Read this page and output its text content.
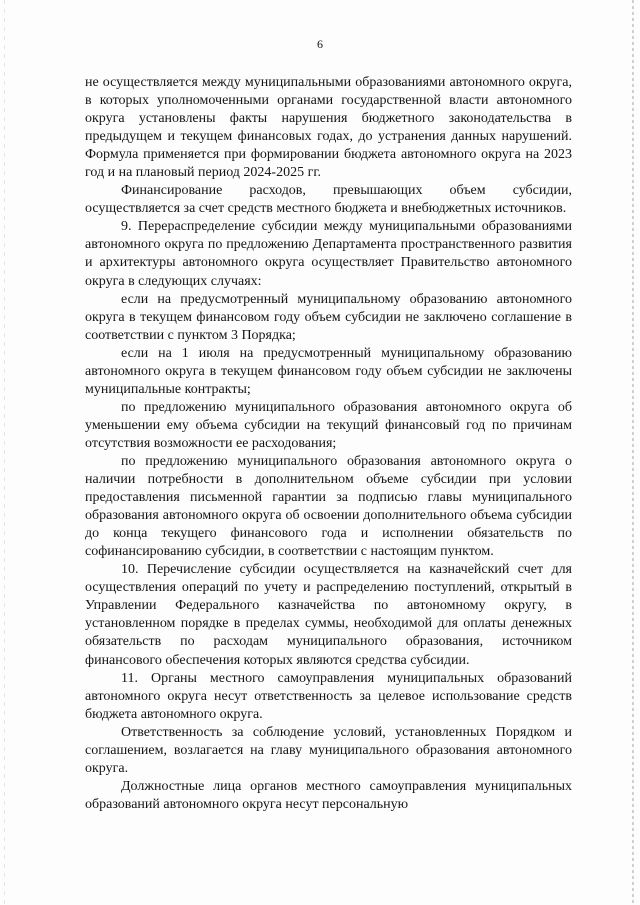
6

не осуществляется между муниципальными образованиями автономного округа, в которых уполномоченными органами государственной власти автономного округа установлены факты нарушения бюджетного законодательства в предыдущем и текущем финансовых годах, до устранения данных нарушений. Формула применяется при формировании бюджета автономного округа на 2023 год и на плановый период 2024-2025 гг.

Финансирование расходов, превышающих объем субсидии, осуществляется за счет средств местного бюджета и внебюджетных источников.

9. Перераспределение субсидии между муниципальными образованиями автономного округа по предложению Департамента пространственного развития и архитектуры автономного округа осуществляет Правительство автономного округа в следующих случаях:

если на предусмотренный муниципальному образованию автономного округа в текущем финансовом году объем субсидии не заключено соглашение в соответствии с пунктом 3 Порядка;

если на 1 июля на предусмотренный муниципальному образованию автономного округа в текущем финансовом году объем субсидии не заключены муниципальные контракты;

по предложению муниципального образования автономного округа об уменьшении ему объема субсидии на текущий финансовый год по причинам отсутствия возможности ее расходования;

по предложению муниципального образования автономного округа о наличии потребности в дополнительном объеме субсидии при условии предоставления письменной гарантии за подписью главы муниципального образования автономного округа об освоении дополнительного объема субсидии до конца текущего финансового года и исполнении обязательств по софинансированию субсидии, в соответствии с настоящим пунктом.

10. Перечисление субсидии осуществляется на казначейский счет для осуществления операций по учету и распределению поступлений, открытый в Управлении Федерального казначейства по автономному округу, в установленном порядке в пределах суммы, необходимой для оплаты денежных обязательств по расходам муниципального образования, источником финансового обеспечения которых являются средства субсидии.

11. Органы местного самоуправления муниципальных образований автономного округа несут ответственность за целевое использование средств бюджета автономного округа.

Ответственность за соблюдение условий, установленных Порядком и соглашением, возлагается на главу муниципального образования автономного округа.

Должностные лица органов местного самоуправления муниципальных образований автономного округа несут персональную
